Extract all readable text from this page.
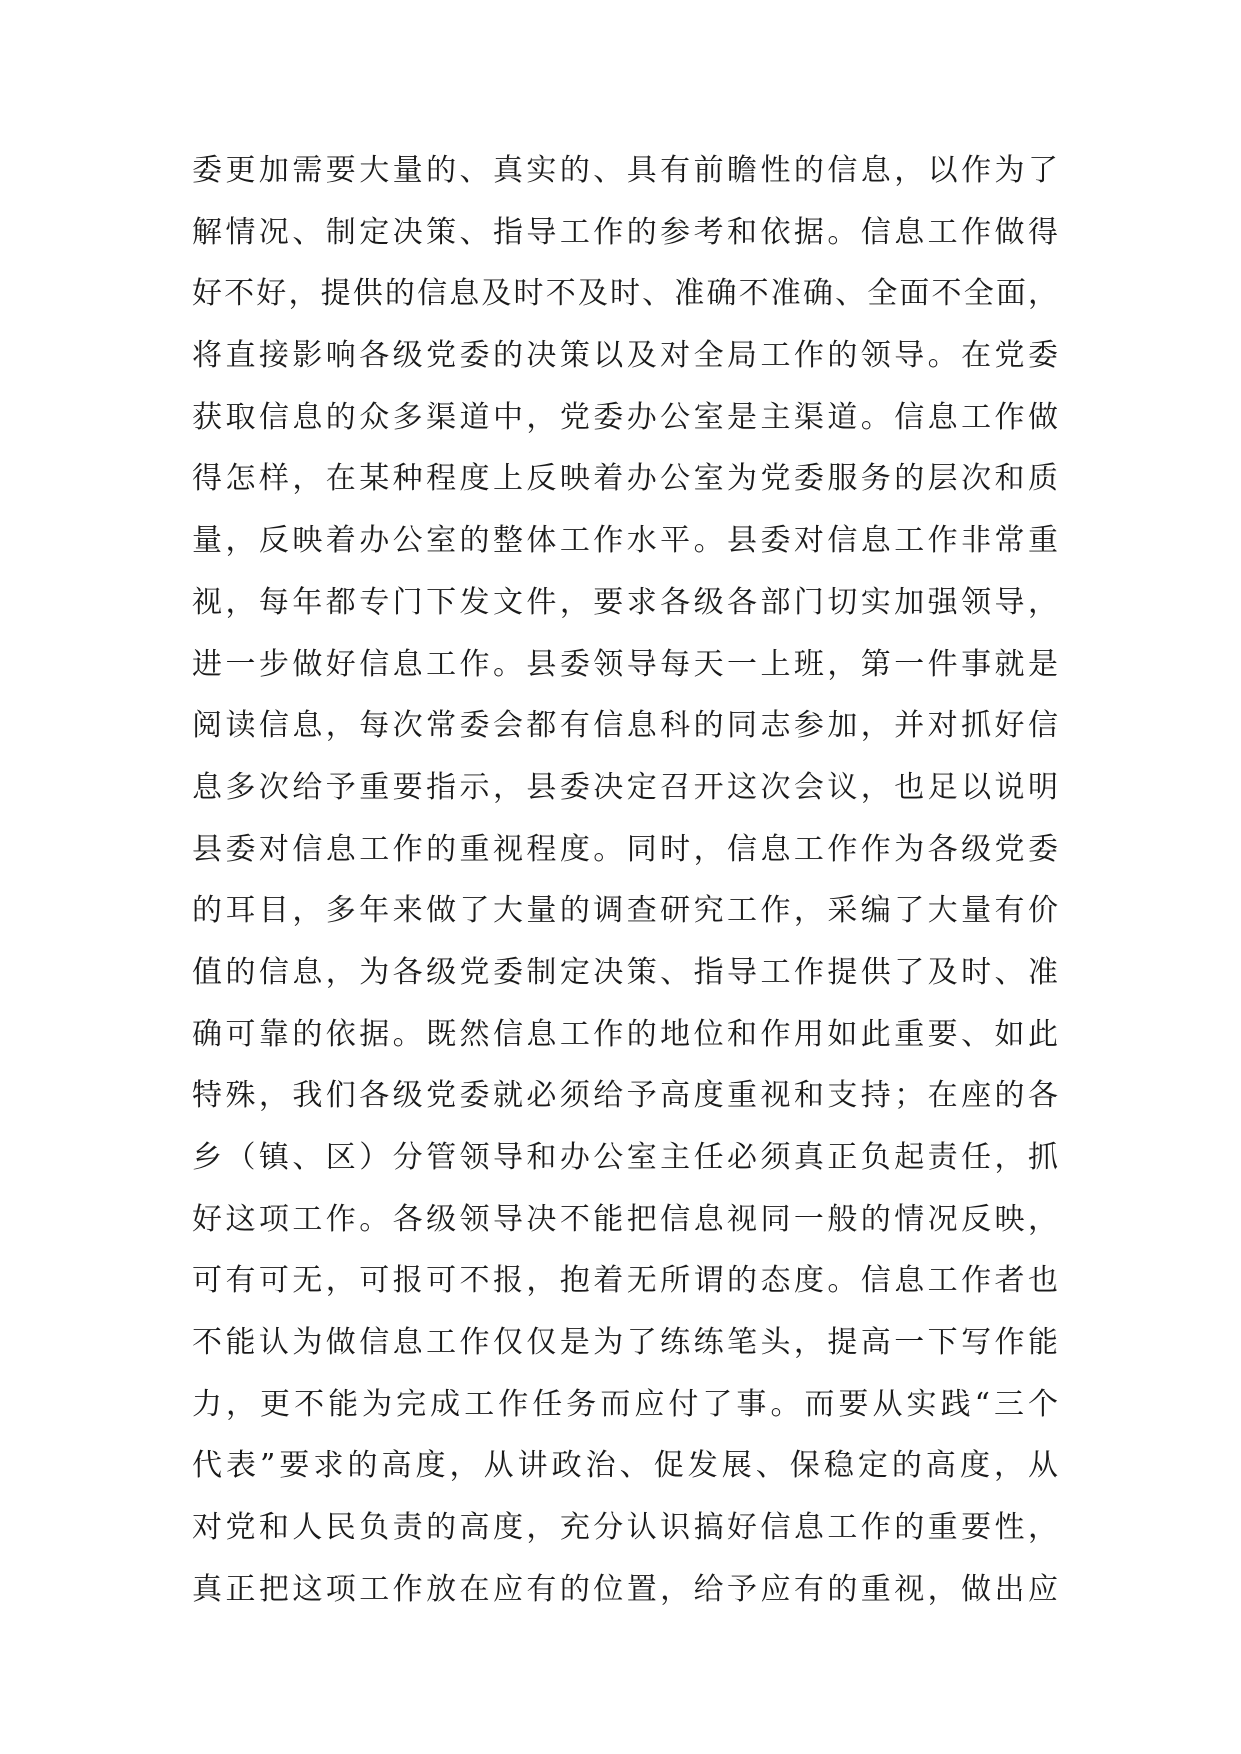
委更加需要大量的、真实的、具有前瞻性的信息，以作为了
解情况、制定决策、指导工作的参考和依据。信息工作做得
好不好，提供的信息及时不及时、准确不准确、全面不全面，
将直接影响各级党委的决策以及对全局工作的领导。在党委
获取信息的众多渠道中，党委办公室是主渠道。信息工作做
得怎样，在某种程度上反映着办公室为党委服务的层次和质
量，反映着办公室的整体工作水平。县委对信息工作非常重
视，每年都专门下发文件，要求各级各部门切实加强领导，
进一步做好信息工作。县委领导每天一上班，第一件事就是
阅读信息，每次常委会都有信息科的同志参加，并对抓好信
息多次给予重要指示，县委决定召开这次会议，也足以说明
县委对信息工作的重视程度。同时，信息工作作为各级党委
的耳目，多年来做了大量的调查研究工作，采编了大量有价
值的信息，为各级党委制定决策、指导工作提供了及时、准
确可靠的依据。既然信息工作的地位和作用如此重要、如此
特殊，我们各级党委就必须给予高度重视和支持；在座的各
乡（镇、区）分管领导和办公室主任必须真正负起责任，抓
好这项工作。各级领导决不能把信息视同一般的情况反映，
可有可无，可报可不报，抱着无所谓的态度。信息工作者也
不能认为做信息工作仅仅是为了练练笔头，提高一下写作能
力，更不能为完成工作任务而应付了事。而要从实践“三个
代表”要求的高度，从讲政治、促发展、保稳定的高度，从
对党和人民负责的高度，充分认识搞好信息工作的重要性，
真正把这项工作放在应有的位置，给予应有的重视，做出应
